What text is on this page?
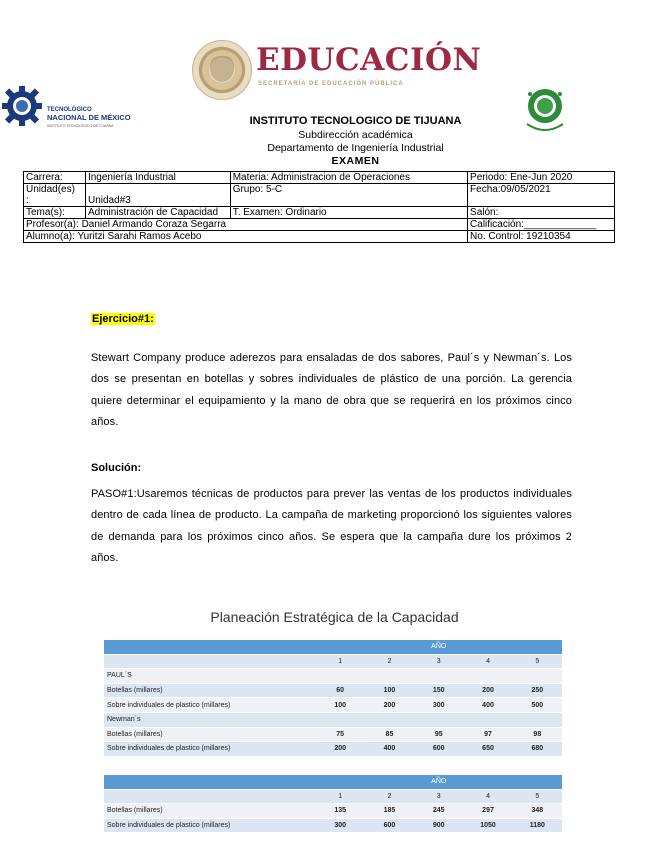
EDUCACIÓN
SECRETARÍA DE EDUCACIÓN PÚBLICA
TECNOLÓGICO
NACIONAL DE MÉXICO
INSTITUTO TECNOLÓGICO DE TIJUANA	INSTITUTO TECNOLOGICO DE TIJUANA
Subdirección académica
Departamento de Ingeniería Industrial
EXAMEN
Carrera:	Ingeniería Industrial	Materia: Administracion de Operaciones	Periodo: Ene-Jun 2020
Unidad(es)
:	Unidad#3	Grupo: 5-C	Fecha:09/05/2021
Tema(s):	Administración de Capacidad	T. Examen: Ordinario	Salón:
Profesor(a): Daniel Armando Coraza Segarra			Calificación:_____________
Alumno(a): Yuritzi Sarahi Ramos Acebo			No. Control: 19210354
Ejercicio#1:
Stewart Company produce aderezos para ensaladas de dos sabores, Paul´s y Newman´s. Los dos se presentan en botellas y sobres individuales de plástico de una porción. La gerencia quiere determinar el equipamiento y la mano de obra que se requerirá en los próximos cinco años.
Solución:
PASO#1:Usaremos técnicas de productos para prever las ventas de los productos individuales dentro de cada línea de producto. La campaña de marketing proporcionó los siguientes valores de demanda para los próximos cinco años. Se espera que la campaña dure los próximos 2 años.
Planeación Estratégica de la Capacidad
	AÑO				
	1	2	3	4	5
PAUL´S					
Botellas (millares)	60	100	150	200	250
Sobre individuales de plastico (millares)	100	200	300	400	500
Newman´s					
Botellas (millares)	75	85	95	97	98
Sobre individuales de plastico (millares)	200	400	600	650	680
	AÑO				
	1	2	3	4	5
Botellas (millares)	135	185	245	297	348
Sobre individuales de plastico (millares)	300	600	900	1050	1180
